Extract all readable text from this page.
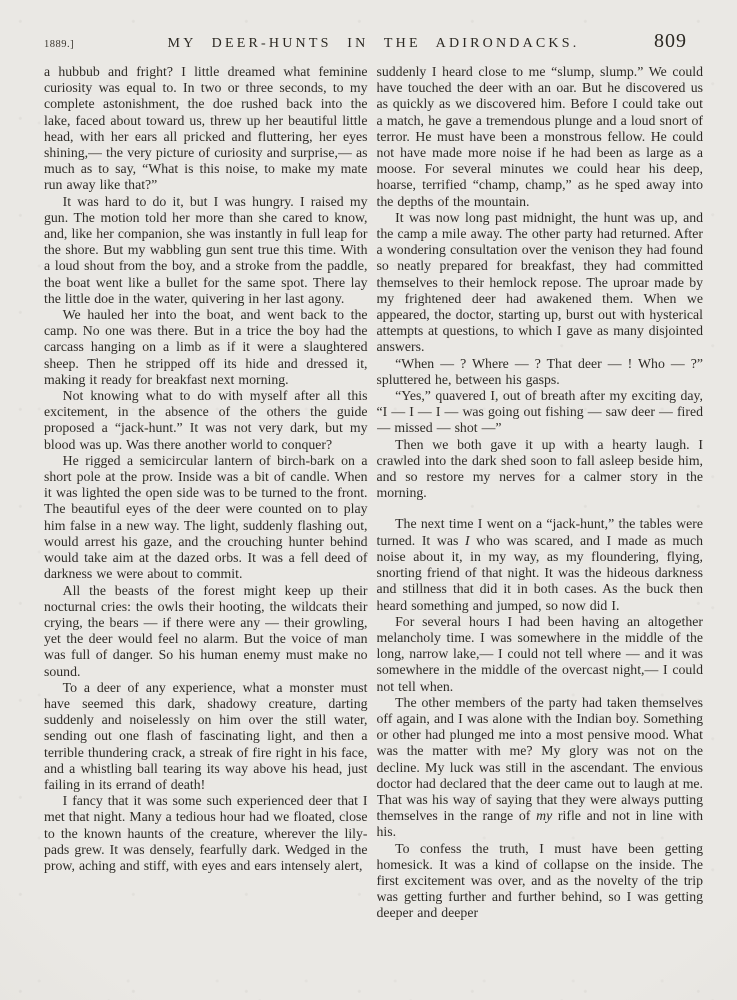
1889.]	MY DEER-HUNTS IN THE ADIRONDACKS.	809

a hubbub and fright? I little dreamed what feminine curiosity was equal to. In two or three seconds, to my complete astonishment, the doe rushed back into the lake, faced about toward us, threw up her beautiful little head, with her ears all pricked and fluttering, her eyes shining,— the very picture of curiosity and surprise,— as much as to say, “What is this noise, to make my mate run away like that?”

It was hard to do it, but I was hungry. I raised my gun. The motion told her more than she cared to know, and, like her companion, she was instantly in full leap for the shore. But my wabbling gun sent true this time. With a loud shout from the boy, and a stroke from the paddle, the boat went like a bullet for the same spot. There lay the little doe in the water, quivering in her last agony.

We hauled her into the boat, and went back to the camp. No one was there. But in a trice the boy had the carcass hanging on a limb as if it were a slaughtered sheep. Then he stripped off its hide and dressed it, making it ready for breakfast next morning.

Not knowing what to do with myself after all this excitement, in the absence of the others the guide proposed a “jack-hunt.” It was not very dark, but my blood was up. Was there another world to conquer?

He rigged a semicircular lantern of birch-bark on a short pole at the prow. Inside was a bit of candle. When it was lighted the open side was to be turned to the front. The beautiful eyes of the deer were counted on to play him false in a new way. The light, suddenly flashing out, would arrest his gaze, and the crouching hunter behind would take aim at the dazed orbs. It was a fell deed of darkness we were about to commit.

All the beasts of the forest might keep up their nocturnal cries: the owls their hooting, the wildcats their crying, the bears — if there were any — their growling, yet the deer would feel no alarm. But the voice of man was full of danger. So his human enemy must make no sound.

To a deer of any experience, what a monster must have seemed this dark, shadowy creature, darting suddenly and noiselessly on him over the still water, sending out one flash of fascinating light, and then a terrible thundering crack, a streak of fire right in his face, and a whistling ball tearing its way above his head, just failing in its errand of death!

I fancy that it was some such experienced deer that I met that night. Many a tedious hour had we floated, close to the known haunts of the creature, wherever the lily-pads grew. It was densely, fearfully dark. Wedged in the prow, aching and stiff, with eyes and ears intensely alert,

suddenly I heard close to me “slump, slump.” We could have touched the deer with an oar. But he discovered us as quickly as we discovered him. Before I could take out a match, he gave a tremendous plunge and a loud snort of terror. He must have been a monstrous fellow. He could not have made more noise if he had been as large as a moose. For several minutes we could hear his deep, hoarse, terrified “champ, champ,” as he sped away into the depths of the mountain.

It was now long past midnight, the hunt was up, and the camp a mile away. The other party had returned. After a wondering consultation over the venison they had found so neatly prepared for breakfast, they had committed themselves to their hemlock repose. The uproar made by my frightened deer had awakened them. When we appeared, the doctor, starting up, burst out with hysterical attempts at questions, to which I gave as many disjointed answers.

“When — ? Where — ? That deer — ! Who — ?” spluttered he, between his gasps.

“Yes,” quavered I, out of breath after my exciting day, “I — I — I — was going out fishing — saw deer — fired — missed — shot —”

Then we both gave it up with a hearty laugh. I crawled into the dark shed soon to fall asleep beside him, and so restore my nerves for a calmer story in the morning.

The next time I went on a “jack-hunt,” the tables were turned. It was I who was scared, and I made as much noise about it, in my way, as my floundering, flying, snorting friend of that night. It was the hideous darkness and stillness that did it in both cases. As the buck then heard something and jumped, so now did I.

For several hours I had been having an altogether melancholy time. I was somewhere in the middle of the long, narrow lake,— I could not tell where — and it was somewhere in the middle of the overcast night,— I could not tell when.

The other members of the party had taken themselves off again, and I was alone with the Indian boy. Something or other had plunged me into a most pensive mood. What was the matter with me? My glory was not on the decline. My luck was still in the ascendant. The envious doctor had declared that the deer came out to laugh at me. That was his way of saying that they were always putting themselves in the range of my rifle and not in line with his.

To confess the truth, I must have been getting homesick. It was a kind of collapse on the inside. The first excitement was over, and as the novelty of the trip was getting further and further behind, so I was getting deeper and deeper
